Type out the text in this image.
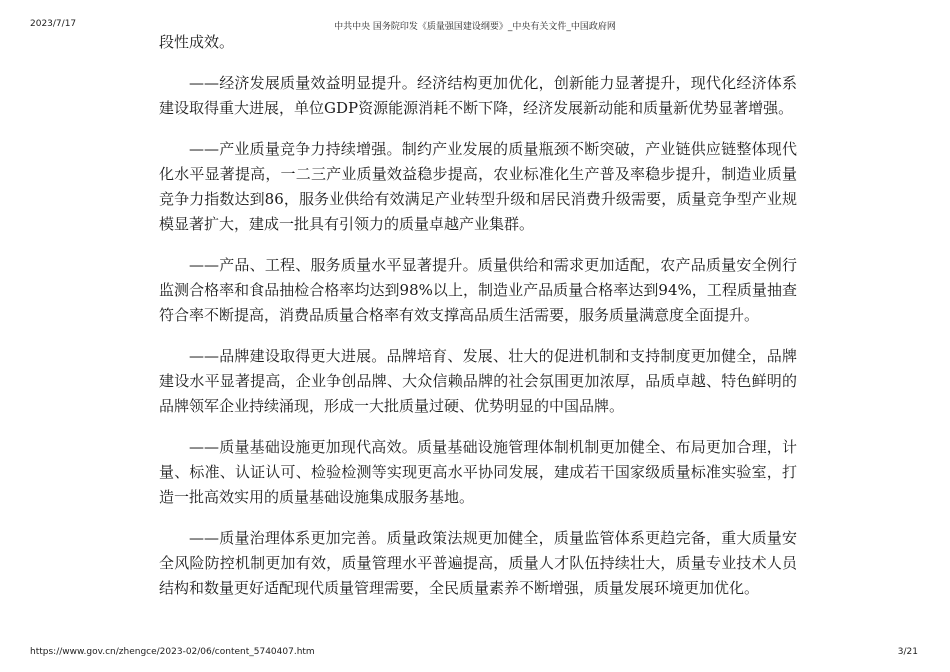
2023/7/17	中共中央 国务院印发《质量强国建设纲要》_中央有关文件_中国政府网

段性成效。

——经济发展质量效益明显提升。经济结构更加优化，创新能力显著提升，现代化经济体系建设取得重大进展，单位GDP资源能源消耗不断下降，经济发展新动能和质量新优势显著增强。

——产业质量竞争力持续增强。制约产业发展的质量瓶颈不断突破，产业链供应链整体现代化水平显著提高，一二三产业质量效益稳步提高，农业标准化生产普及率稳步提升，制造业质量竞争力指数达到86，服务业供给有效满足产业转型升级和居民消费升级需要，质量竞争型产业规模显著扩大，建成一批具有引领力的质量卓越产业集群。

——产品、工程、服务质量水平显著提升。质量供给和需求更加适配，农产品质量安全例行监测合格率和食品抽检合格率均达到98%以上，制造业产品质量合格率达到94%，工程质量抽查符合率不断提高，消费品质量合格率有效支撑高品质生活需要，服务质量满意度全面提升。

——品牌建设取得更大进展。品牌培育、发展、壮大的促进机制和支持制度更加健全，品牌建设水平显著提高，企业争创品牌、大众信赖品牌的社会氛围更加浓厚，品质卓越、特色鲜明的品牌领军企业持续涌现，形成一大批质量过硬、优势明显的中国品牌。

——质量基础设施更加现代高效。质量基础设施管理体制机制更加健全、布局更加合理，计量、标准、认证认可、检验检测等实现更高水平协同发展，建成若干国家级质量标准实验室，打造一批高效实用的质量基础设施集成服务基地。

——质量治理体系更加完善。质量政策法规更加健全，质量监管体系更趋完备，重大质量安全风险防控机制更加有效，质量管理水平普遍提高，质量人才队伍持续壮大，质量专业技术人员结构和数量更好适配现代质量管理需要，全民质量素养不断增强，质量发展环境更加优化。

https://www.gov.cn/zhengce/2023-02/06/content_5740407.htm	3/21
